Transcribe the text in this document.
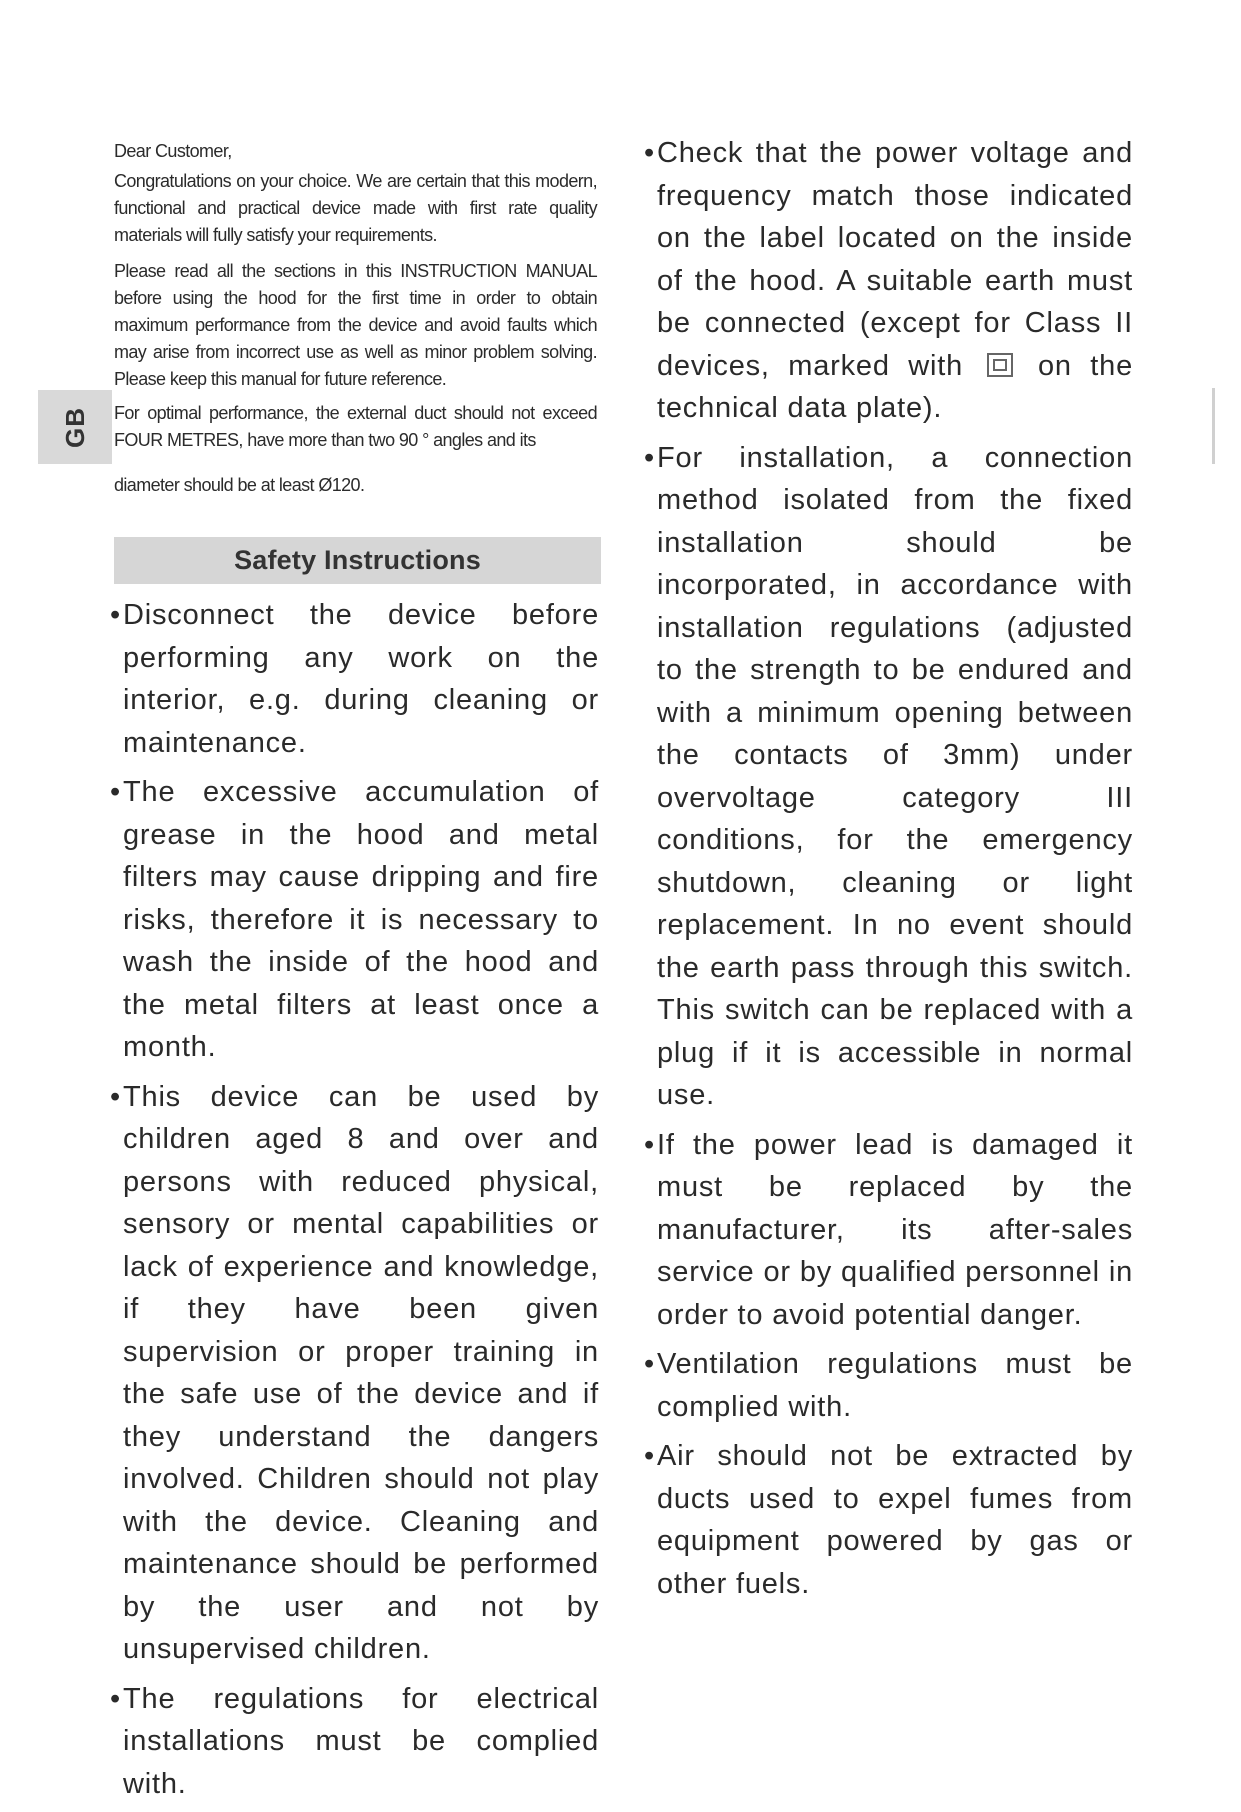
GB

Dear Customer,

Congratulations on your choice. We are certain that this modern, functional and practical device made with first rate quality materials will fully satisfy your requirements.

Please read all the sections in this INSTRUCTION MANUAL before using the hood for the first time in order to obtain maximum performance from the device and avoid faults which may arise from incorrect use as well as minor problem solving. Please keep this manual for future reference.

For optimal performance, the external duct should not exceed FOUR METRES, have more than two 90 ° angles and its

diameter should be at least Ø120.

Safety Instructions
• Disconnect the device before performing any work on the interior, e.g. during cleaning or maintenance.
• The excessive accumulation of grease in the hood and metal filters may cause dripping and fire risks, therefore it is necessary to wash the inside of the hood and the metal filters at least once a month.
• This device can be used by children aged 8 and over and persons with reduced physical, sensory or mental capabilities or lack of experience and knowledge, if they have been given supervision or proper training in the safe use of the device and if they understand the dangers involved. Children should not play with the device. Cleaning and maintenance should be performed by the user and not by unsupervised children.
• The regulations for electrical installations must be complied with.
• Check that the power voltage and frequency match those indicated on the label located on the inside of the hood. A suitable earth must be connected (except for Class II devices, marked with	on the technical data plate).
• For installation, a connection method isolated from the fixed installation should be incorporated, in accordance with installation regulations (adjusted to the strength to be endured and with a minimum opening between the contacts of 3mm) under overvoltage category III conditions, for the emergency shutdown, cleaning or light replacement. In no event should the earth pass through this switch. This switch can be replaced with a plug if it is accessible in normal use.
• If the power lead is damaged it must be replaced by the manufacturer, its after-sales service or by qualified personnel in order to avoid potential danger.
• Ventilation regulations must be complied with.
• Air should not be extracted by ducts used to expel fumes from equipment powered by gas or other fuels.
